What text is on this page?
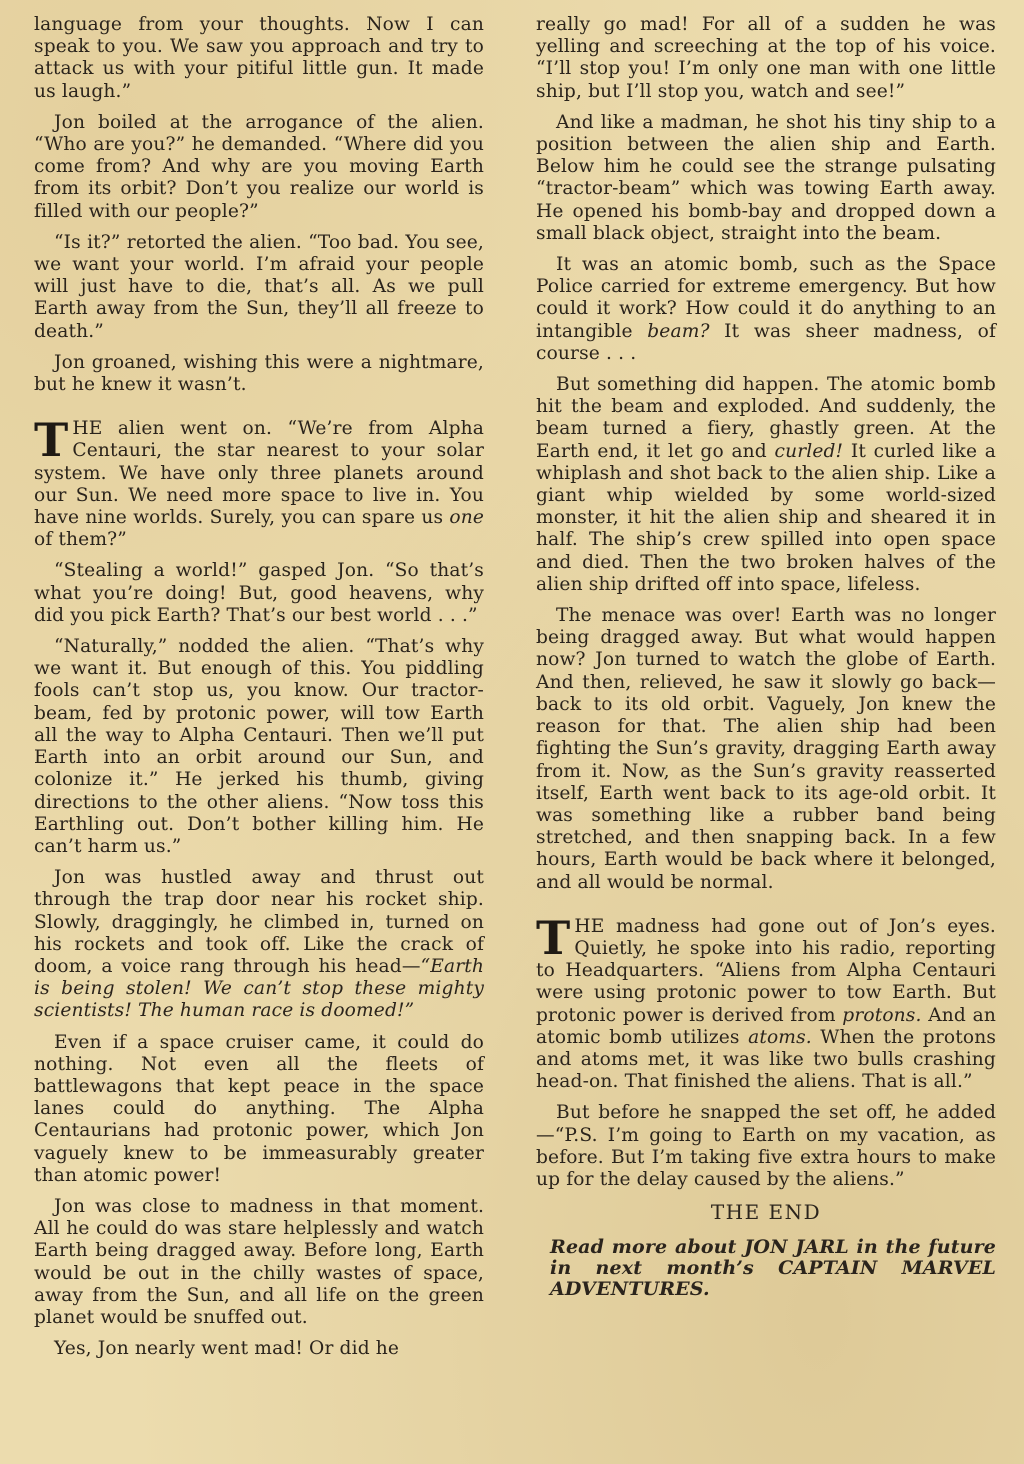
language from your thoughts. Now I can speak to you. We saw you approach and try to attack us with your pitiful little gun. It made us laugh.”

Jon boiled at the arrogance of the alien. “Who are you?” he demanded. “Where did you come from? And why are you moving Earth from its orbit? Don’t you realize our world is filled with our people?”

“Is it?” retorted the alien. “Too bad. You see, we want your world. I’m afraid your people will just have to die, that’s all. As we pull Earth away from the Sun, they’ll all freeze to death.”

Jon groaned, wishing this were a nightmare, but he knew it wasn’t.

THE alien went on. “We’re from Alpha Centauri, the star nearest to your solar system. We have only three planets around our Sun. We need more space to live in. You have nine worlds. Surely, you can spare us one of them?”

“Stealing a world!” gasped Jon. “So that’s what you’re doing! But, good heavens, why did you pick Earth? That’s our best world . . .”

“Naturally,” nodded the alien. “That’s why we want it. But enough of this. You piddling fools can’t stop us, you know. Our tractor-beam, fed by protonic power, will tow Earth all the way to Alpha Centauri. Then we’ll put Earth into an orbit around our Sun, and colonize it.” He jerked his thumb, giving directions to the other aliens. “Now toss this Earthling out. Don’t bother killing him. He can’t harm us.”

Jon was hustled away and thrust out through the trap door near his rocket ship. Slowly, draggingly, he climbed in, turned on his rockets and took off. Like the crack of doom, a voice rang through his head—“Earth is being stolen! We can’t stop these mighty scientists! The human race is doomed!”

Even if a space cruiser came, it could do nothing. Not even all the fleets of battlewagons that kept peace in the space lanes could do anything. The Alpha Centaurians had protonic power, which Jon vaguely knew to be immeasurably greater than atomic power!

Jon was close to madness in that moment. All he could do was stare helplessly and watch Earth being dragged away. Before long, Earth would be out in the chilly wastes of space, away from the Sun, and all life on the green planet would be snuffed out.

Yes, Jon nearly went mad! Or did he

really go mad! For all of a sudden he was yelling and screeching at the top of his voice. “I’ll stop you! I’m only one man with one little ship, but I’ll stop you, watch and see!”

And like a madman, he shot his tiny ship to a position between the alien ship and Earth. Below him he could see the strange pulsating “tractor-beam” which was towing Earth away. He opened his bomb-bay and dropped down a small black object, straight into the beam.

It was an atomic bomb, such as the Space Police carried for extreme emergency. But how could it work? How could it do anything to an intangible beam? It was sheer madness, of course . . .

But something did happen. The atomic bomb hit the beam and exploded. And suddenly, the beam turned a fiery, ghastly green. At the Earth end, it let go and curled! It curled like a whiplash and shot back to the alien ship. Like a giant whip wielded by some world-sized monster, it hit the alien ship and sheared it in half. The ship’s crew spilled into open space and died. Then the two broken halves of the alien ship drifted off into space, lifeless.

The menace was over! Earth was no longer being dragged away. But what would happen now? Jon turned to watch the globe of Earth. And then, relieved, he saw it slowly go back—back to its old orbit. Vaguely, Jon knew the reason for that. The alien ship had been fighting the Sun’s gravity, dragging Earth away from it. Now, as the Sun’s gravity reasserted itself, Earth went back to its age-old orbit. It was something like a rubber band being stretched, and then snapping back. In a few hours, Earth would be back where it belonged, and all would be normal.

THE madness had gone out of Jon’s eyes. Quietly, he spoke into his radio, reporting to Headquarters. “Aliens from Alpha Centauri were using protonic power to tow Earth. But protonic power is derived from protons. And an atomic bomb utilizes atoms. When the protons and atoms met, it was like two bulls crashing head-on. That finished the aliens. That is all.”

But before he snapped the set off, he added—“P.S. I’m going to Earth on my vacation, as before. But I’m taking five extra hours to make up for the delay caused by the aliens.”

THE END

Read more about JON JARL in the future in next month’s CAPTAIN MARVEL ADVENTURES.
